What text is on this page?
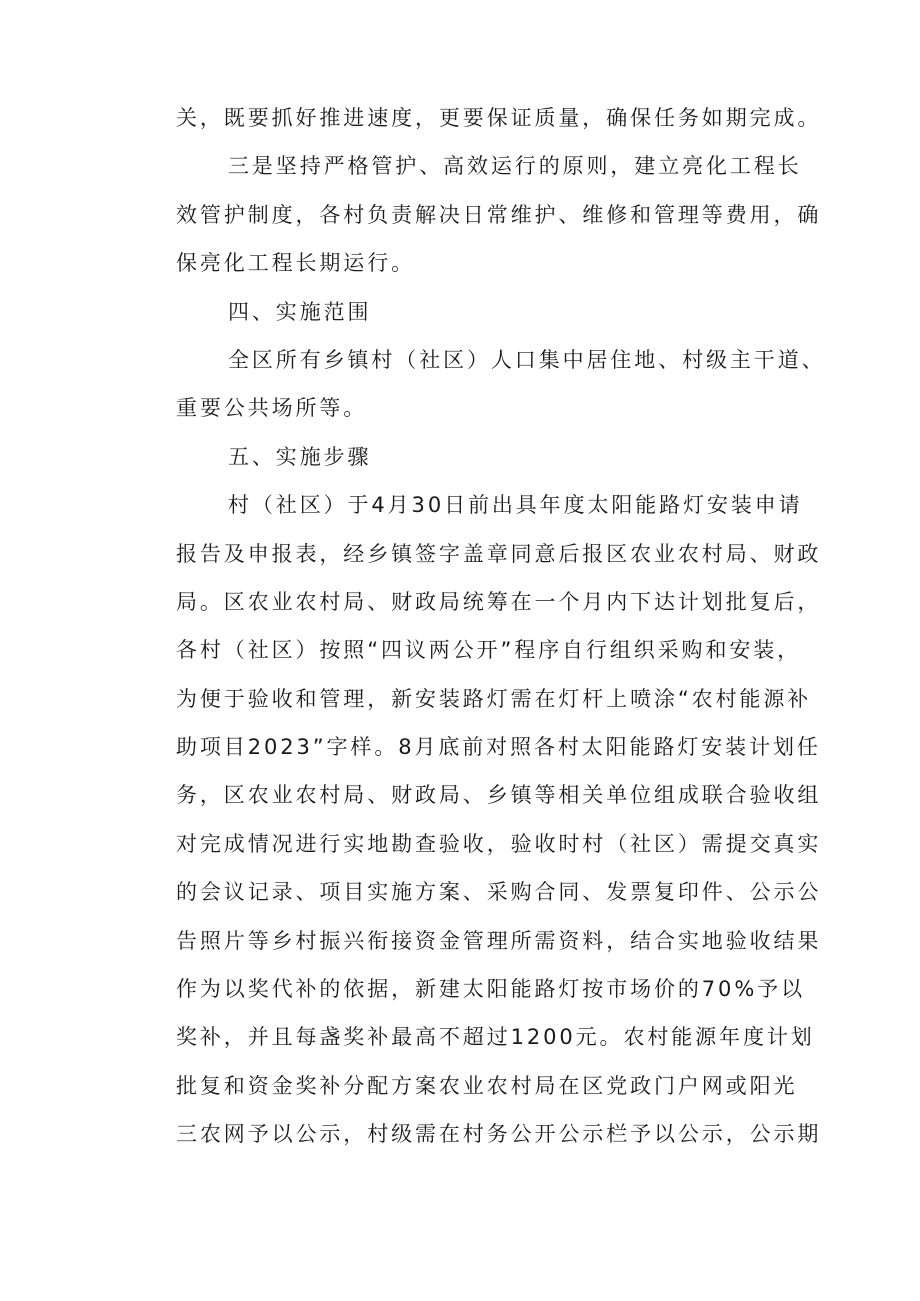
关，既要抓好推进速度，更要保证质量，确保任务如期完成。
三是坚持严格管护、高效运行的原则，建立亮化工程长
效管护制度，各村负责解决日常维护、维修和管理等费用，确
保亮化工程长期运行。
四、实施范围
全区所有乡镇村（社区）人口集中居住地、村级主干道、
重要公共场所等。
五、实施步骤
村（社区）于4月30日前出具年度太阳能路灯安装申请
报告及申报表，经乡镇签字盖章同意后报区农业农村局、财政
局。区农业农村局、财政局统筹在一个月内下达计划批复后，
各村（社区）按照“四议两公开”程序自行组织采购和安装，
为便于验收和管理，新安装路灯需在灯杆上喷涂“农村能源补
助项目2023”字样。8月底前对照各村太阳能路灯安装计划任
务，区农业农村局、财政局、乡镇等相关单位组成联合验收组
对完成情况进行实地勘查验收，验收时村（社区）需提交真实
的会议记录、项目实施方案、采购合同、发票复印件、公示公
告照片等乡村振兴衔接资金管理所需资料，结合实地验收结果
作为以奖代补的依据，新建太阳能路灯按市场价的70%予以
奖补，并且每盏奖补最高不超过1200元。农村能源年度计划
批复和资金奖补分配方案农业农村局在区党政门户网或阳光
三农网予以公示，村级需在村务公开公示栏予以公示，公示期
